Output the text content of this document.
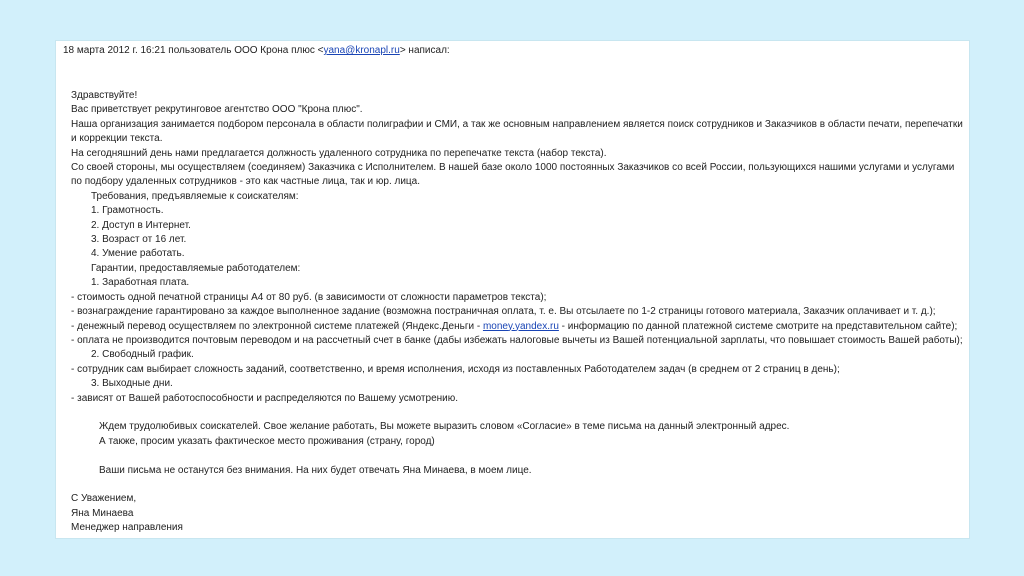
18 марта 2012 г. 16:21 пользователь ООО Крона плюс <yana@kronapl.ru> написал:
Здравствуйте!
Вас приветствует рекрутинговое агентство ООО "Крона плюс".
Наша организация занимается подбором персонала в области полиграфии и СМИ, а так же основным направлением является поиск сотрудников и Заказчиков в области печати, перепечатки и коррекции текста.
На сегодняшний день нами предлагается должность удаленного сотрудника по перепечатке текста (набор текста).
Со своей стороны, мы осуществляем (соединяем) Заказчика с Исполнителем. В нашей базе около 1000 постоянных Заказчиков со всей России, пользующихся нашими услугами и услугами по подбору удаленных сотрудников - это как частные лица, так и юр. лица.
Требования, предъявляемые к соискателям:
1. Грамотность.
2. Доступ в Интернет.
3. Возраст от 16 лет.
4. Умение работать.
Гарантии, предоставляемые работодателем:
1. Заработная плата.
- стоимость одной печатной страницы А4 от 80 руб. (в зависимости от сложности параметров текста);
- вознаграждение гарантировано за каждое выполненное задание (возможна постраничная оплата, т. е. Вы отсылаете по 1-2 страницы готового материала, Заказчик оплачивает и т. д.);
- денежный перевод осуществляем по электронной системе платежей (Яндекс.Деньги - money.yandex.ru - информацию по данной платежной системе смотрите на представительном сайте);
- оплата не производится почтовым переводом и на рассчетный счет в банке (дабы избежать налоговые вычеты из Вашей потенциальной зарплаты, что повышает стоимость Вашей работы);
2. Свободный график.
- сотрудник сам выбирает сложность заданий, соответственно, и время исполнения, исходя из поставленных Работодателем задач (в среднем от 2 страниц в день);
3. Выходные дни.
- зависят от Вашей работоспособности и распределяются по Вашему усмотрению.
Ждем трудолюбивых соискателей. Свое желание работать, Вы можете выразить словом «Согласие» в теме письма на данный электронный адрес.
А также, просим указать фактическое место проживания (страну, город)
Ваши письма не останутся без внимания. На них будет отвечать Яна Минаева, в моем лице.
С Уважением,
Яна Минаева
Менеджер направления
